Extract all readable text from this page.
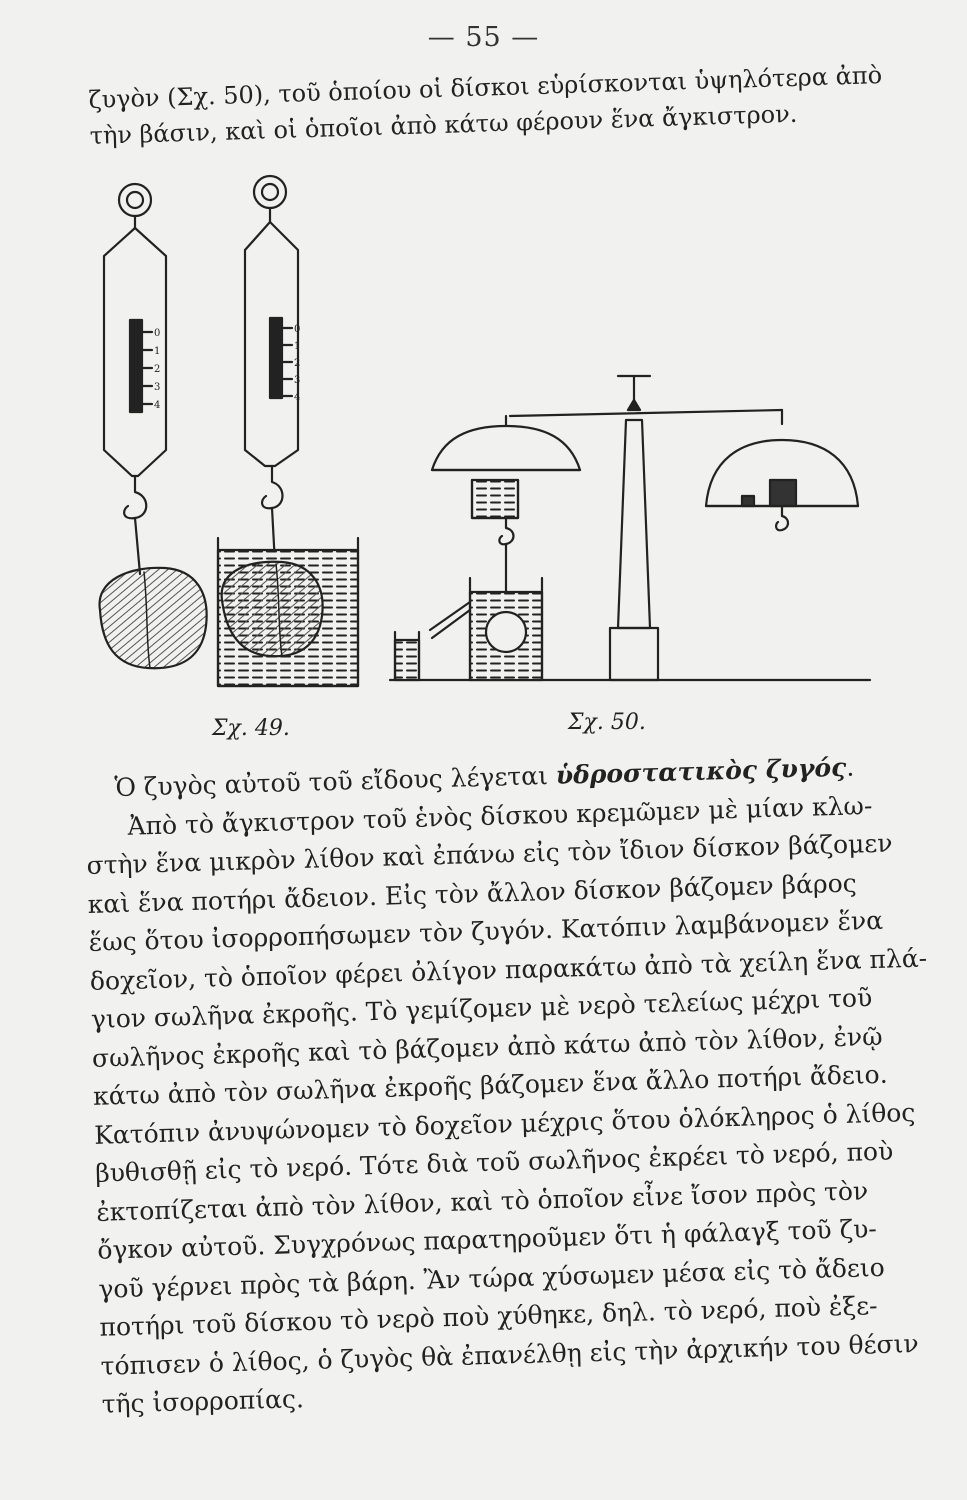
— 55 —
ζυγὸν (Σχ. 50), τοῦ ὁποίου οἱ δίσκοι εὑρίσκονται ὑψηλότερα ἀπὸ
τὴν βάσιν, καὶ οἱ ὁποῖοι ἀπὸ κάτω φέρουν ἕνα ἄγκιστρον.
0
1
2
3
4
0
1
2
3
4
Σχ. 49.	Σχ. 50.
Ὁ ζυγὸς αὐτοῦ τοῦ εἴδους λέγεται ὑδροστατικὸς ζυγός.
Ἀπὸ τὸ ἄγκιστρον τοῦ ἑνὸς δίσκου κρεμῶμεν μὲ μίαν κλω-
στὴν ἕνα μικρὸν λίθον καὶ ἐπάνω εἰς τὸν ἴδιον δίσκον βάζομεν
καὶ ἕνα ποτήρι ἄδειον. Εἰς τὸν ἄλλον δίσκον βάζομεν βάρος
ἕως ὅτου ἰσορροπήσωμεν τὸν ζυγόν. Κατόπιν λαμβάνομεν ἕνα
δοχεῖον, τὸ ὁποῖον φέρει ὀλίγον παρακάτω ἀπὸ τὰ χείλη ἕνα πλά-
γιον σωλῆνα ἐκροῆς. Τὸ γεμίζομεν μὲ νερὸ τελείως μέχρι τοῦ
σωλῆνος ἐκροῆς καὶ τὸ βάζομεν ἀπὸ κάτω ἀπὸ τὸν λίθον, ἐνῷ
κάτω ἀπὸ τὸν σωλῆνα ἐκροῆς βάζομεν ἕνα ἄλλο ποτήρι ἄδειο.
Κατόπιν ἀνυψώνομεν τὸ δοχεῖον μέχρις ὅτου ὁλόκληρος ὁ λίθος
βυθισθῇ εἰς τὸ νερό. Τότε διὰ τοῦ σωλῆνος ἐκρέει τὸ νερό, ποὺ
ἐκτοπίζεται ἀπὸ τὸν λίθον, καὶ τὸ ὁποῖον εἶνε ἴσον πρὸς τὸν
ὄγκον αὐτοῦ. Συγχρόνως παρατηροῦμεν ὅτι ἡ φάλαγξ τοῦ ζυ-
γοῦ γέρνει πρὸς τὰ βάρη. Ἂν τώρα χύσωμεν μέσα εἰς τὸ ἄδειο
ποτήρι τοῦ δίσκου τὸ νερὸ ποὺ χύθηκε, δηλ. τὸ νερό, ποὺ ἐξε-
τόπισεν ὁ λίθος, ὁ ζυγὸς θὰ ἐπανέλθῃ εἰς τὴν ἀρχικήν του θέσιν
τῆς ἰσορροπίας.
